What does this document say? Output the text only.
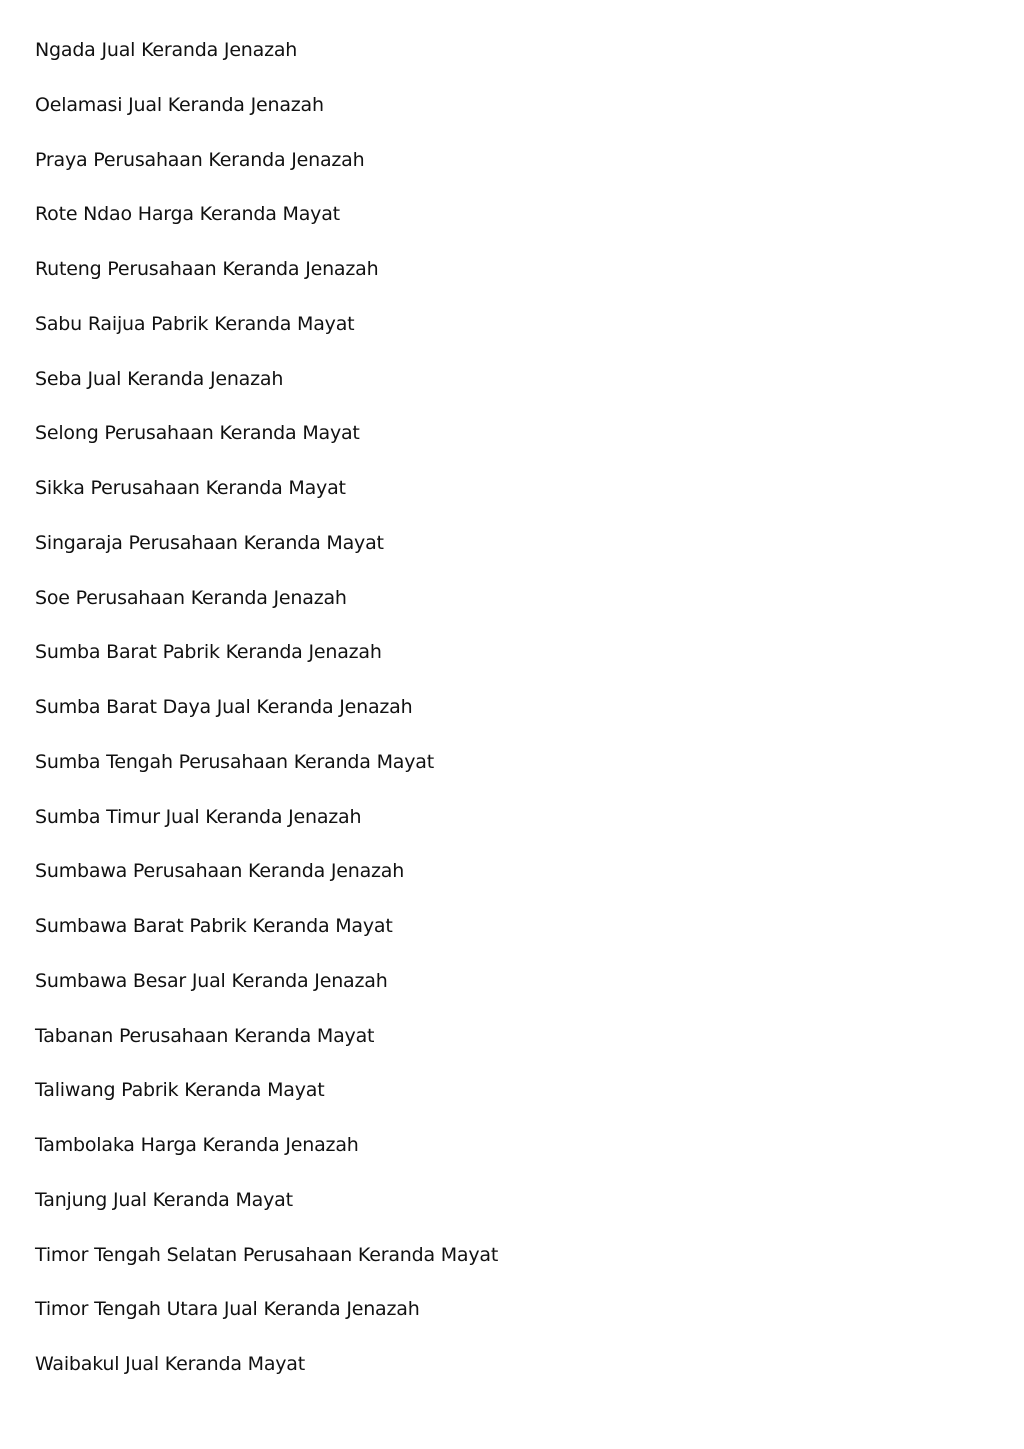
Ngada Jual Keranda Jenazah
Oelamasi Jual Keranda Jenazah
Praya Perusahaan Keranda Jenazah
Rote Ndao Harga Keranda Mayat
Ruteng Perusahaan Keranda Jenazah
Sabu Raijua Pabrik Keranda Mayat
Seba Jual Keranda Jenazah
Selong Perusahaan Keranda Mayat
Sikka Perusahaan Keranda Mayat
Singaraja Perusahaan Keranda Mayat
Soe Perusahaan Keranda Jenazah
Sumba Barat Pabrik Keranda Jenazah
Sumba Barat Daya Jual Keranda Jenazah
Sumba Tengah Perusahaan Keranda Mayat
Sumba Timur Jual Keranda Jenazah
Sumbawa Perusahaan Keranda Jenazah
Sumbawa Barat Pabrik Keranda Mayat
Sumbawa Besar Jual Keranda Jenazah
Tabanan Perusahaan Keranda Mayat
Taliwang Pabrik Keranda Mayat
Tambolaka Harga Keranda Jenazah
Tanjung Jual Keranda Mayat
Timor Tengah Selatan Perusahaan Keranda Mayat
Timor Tengah Utara Jual Keranda Jenazah
Waibakul Jual Keranda Mayat
